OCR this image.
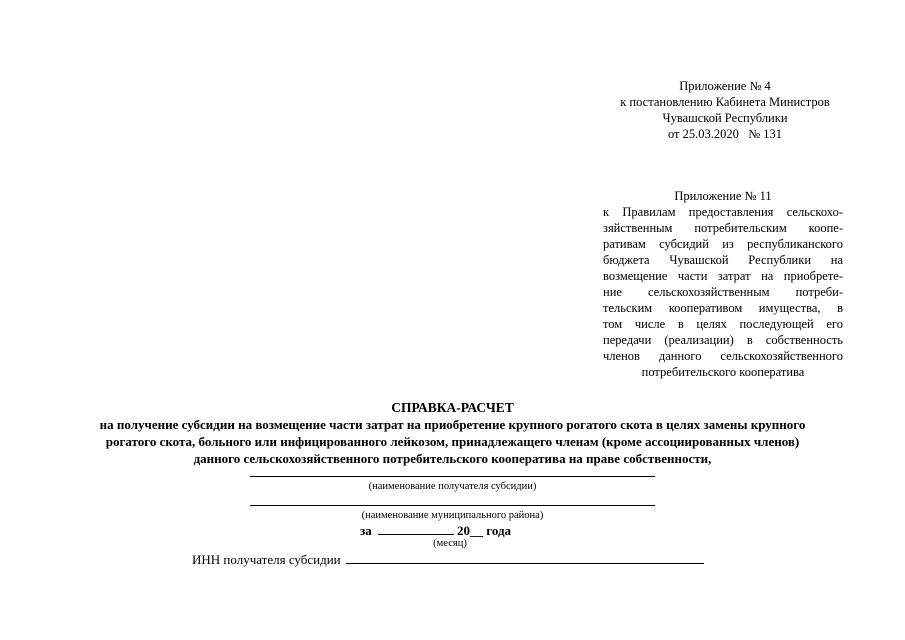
Приложение № 4
к постановлению Кабинета Министров
Чувашской Республики
от 25.03.2020   № 131
Приложение № 11
к Правилам предоставления сельскохо-
зяйственным потребительским коопе-
ративам субсидий из республиканского
бюджета Чувашской Республики на
возмещение части затрат на приобрете-
ние сельскохозяйственным потреби-
тельским кооперативом имущества, в
том числе в целях последующей его
передачи (реализации) в собственность
членов данного сельскохозяйственного
потребительского кооператива
СПРАВКА-РАСЧЕТ
на получение субсидии на возмещение части затрат на приобретение крупного рогатого скота в целях замены крупного
рогатого скота, больного или инфицированного лейкозом, принадлежащего членам (кроме ассоциированных членов)
данного сельскохозяйственного потребительского кооператива на праве собственности,
(наименование получателя субсидии)
(наименование муниципального района)
за	20__ года
(месяц)
ИНН получателя субсидии
